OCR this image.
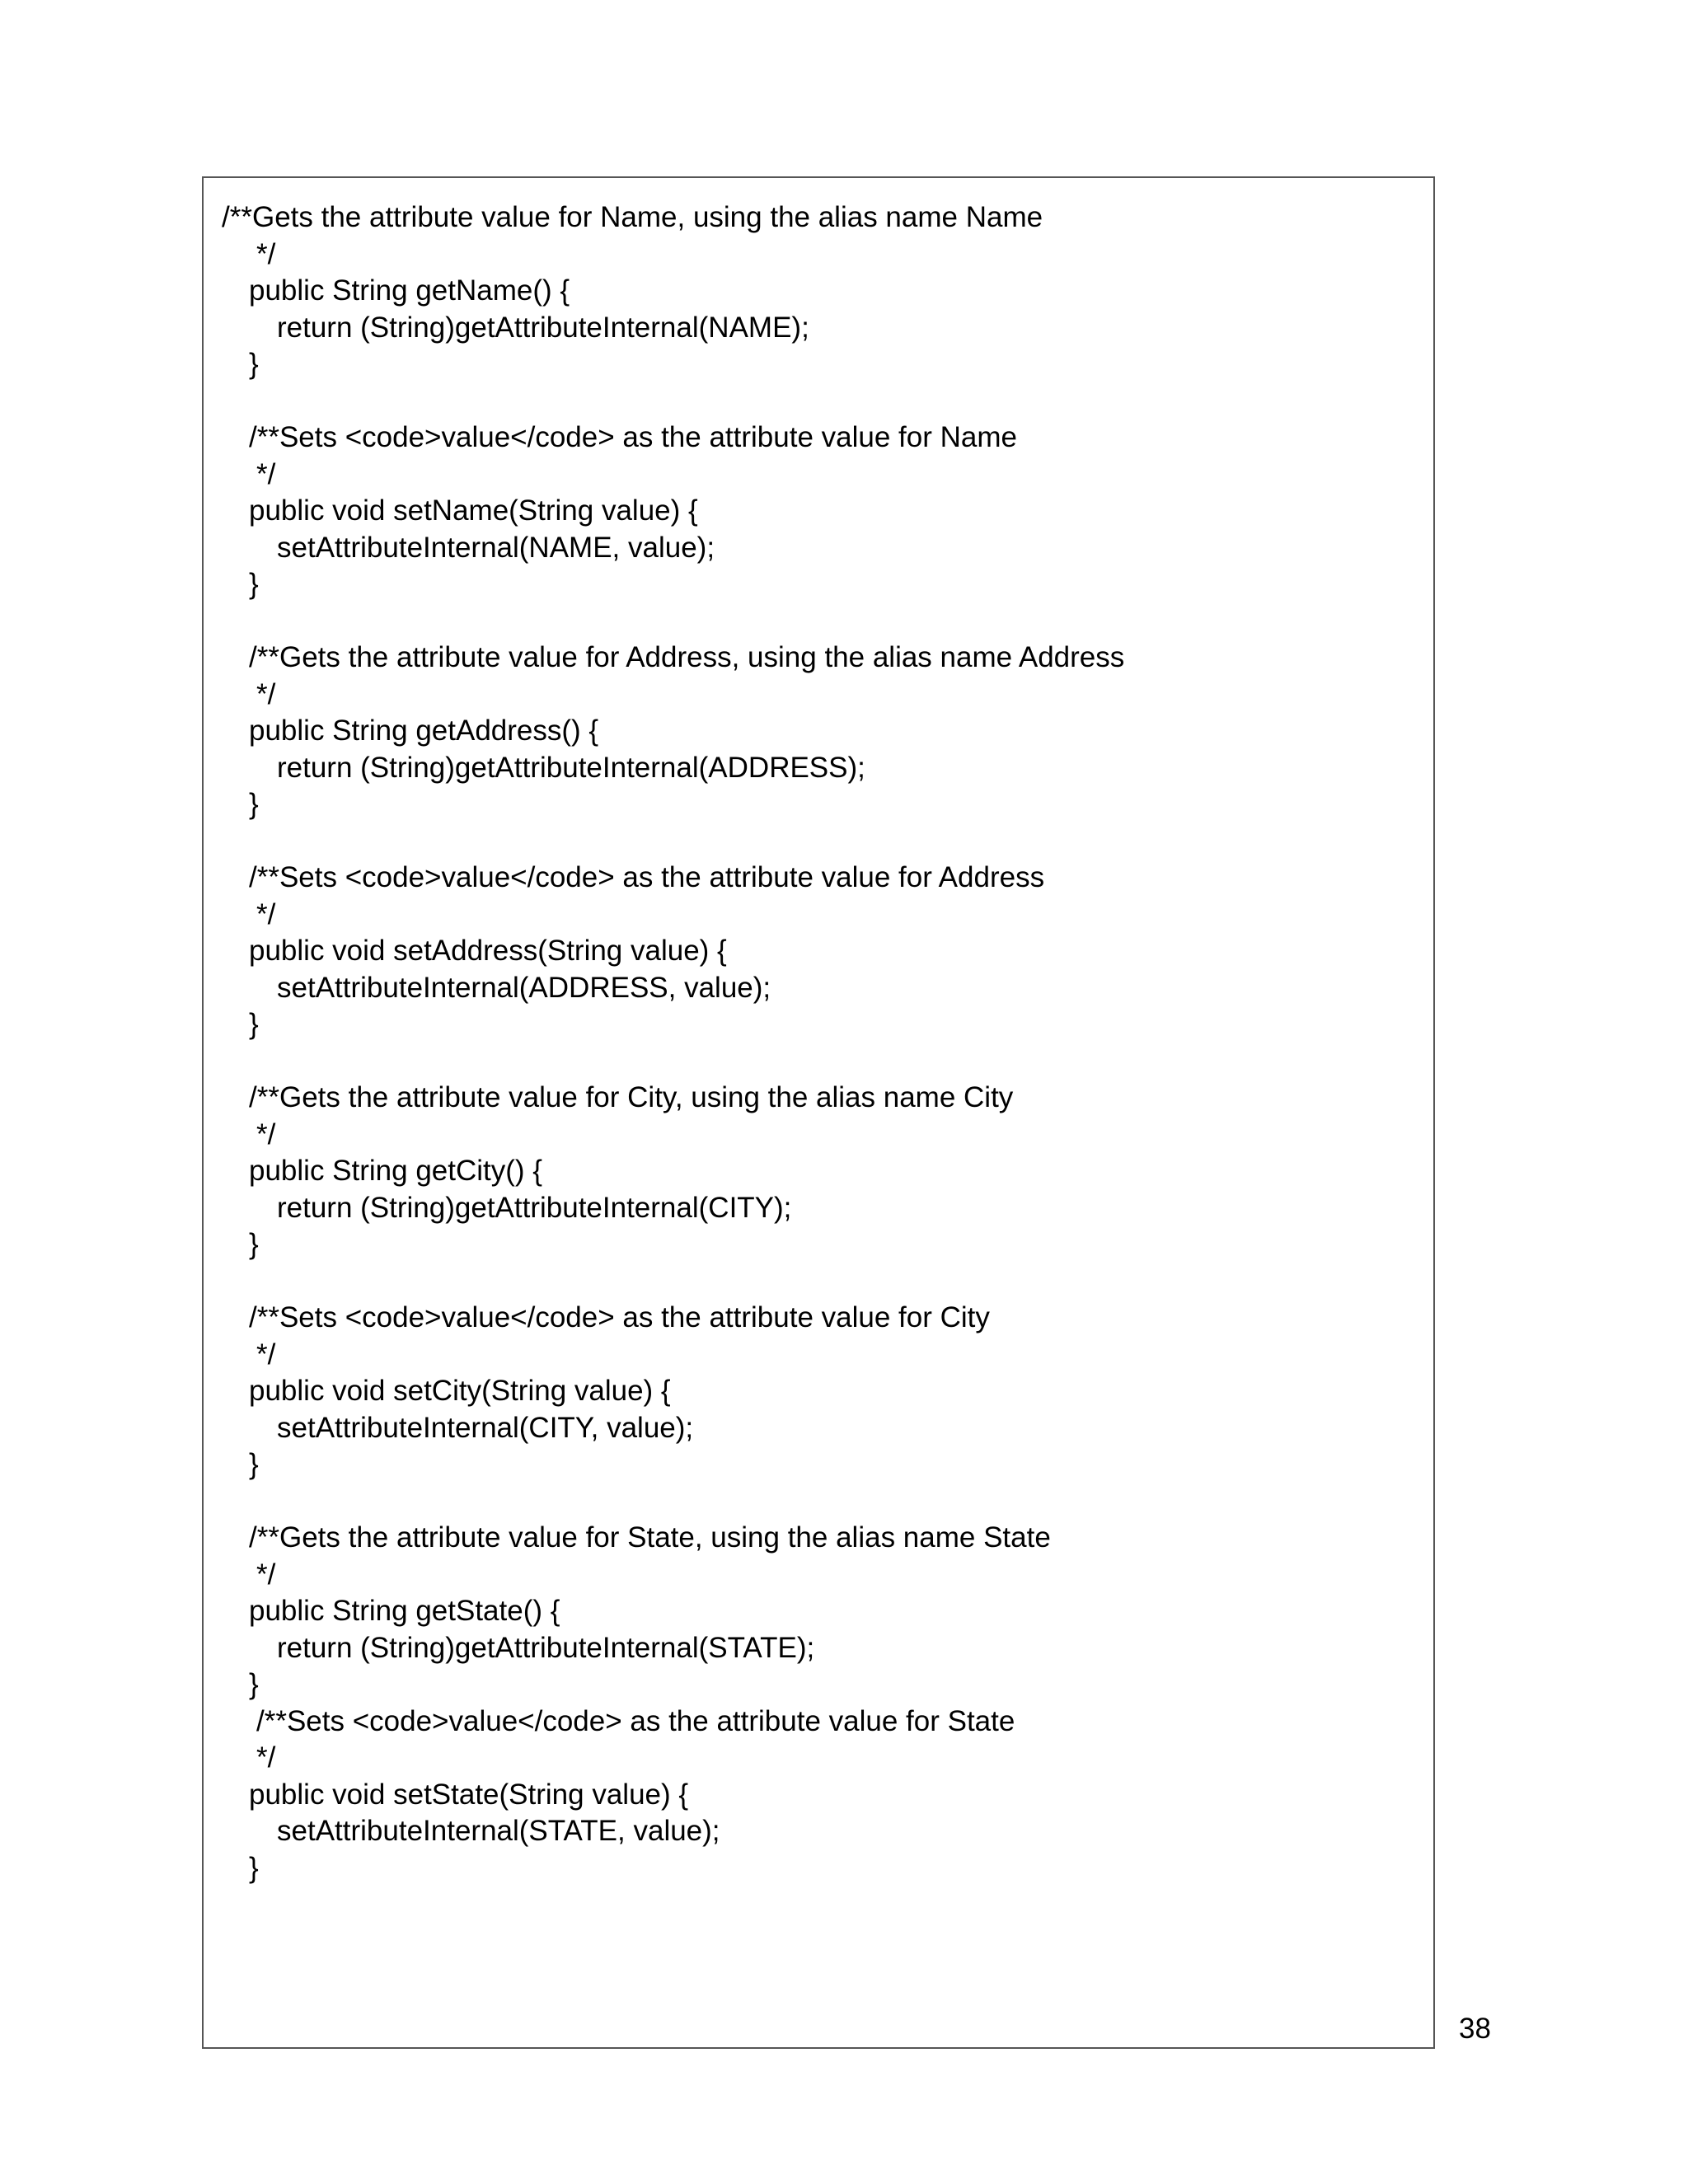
/**Gets the attribute value for Name, using the alias name Name
*/
public String getName() {
return (String)getAttributeInternal(NAME);
}
/**Sets <code>value</code> as the attribute value for Name
*/
public void setName(String value) {
setAttributeInternal(NAME, value);
}
/**Gets the attribute value for Address, using the alias name Address
*/
public String getAddress() {
return (String)getAttributeInternal(ADDRESS);
}
/**Sets <code>value</code> as the attribute value for Address
*/
public void setAddress(String value) {
setAttributeInternal(ADDRESS, value);
}
/**Gets the attribute value for City, using the alias name City
*/
public String getCity() {
return (String)getAttributeInternal(CITY);
}
/**Sets <code>value</code> as the attribute value for City
*/
public void setCity(String value) {
setAttributeInternal(CITY, value);
}
/**Gets the attribute value for State, using the alias name State
*/
public String getState() {
return (String)getAttributeInternal(STATE);
}
/**Sets <code>value</code> as the attribute value for State
*/
public void setState(String value) {
setAttributeInternal(STATE, value);
}
38
